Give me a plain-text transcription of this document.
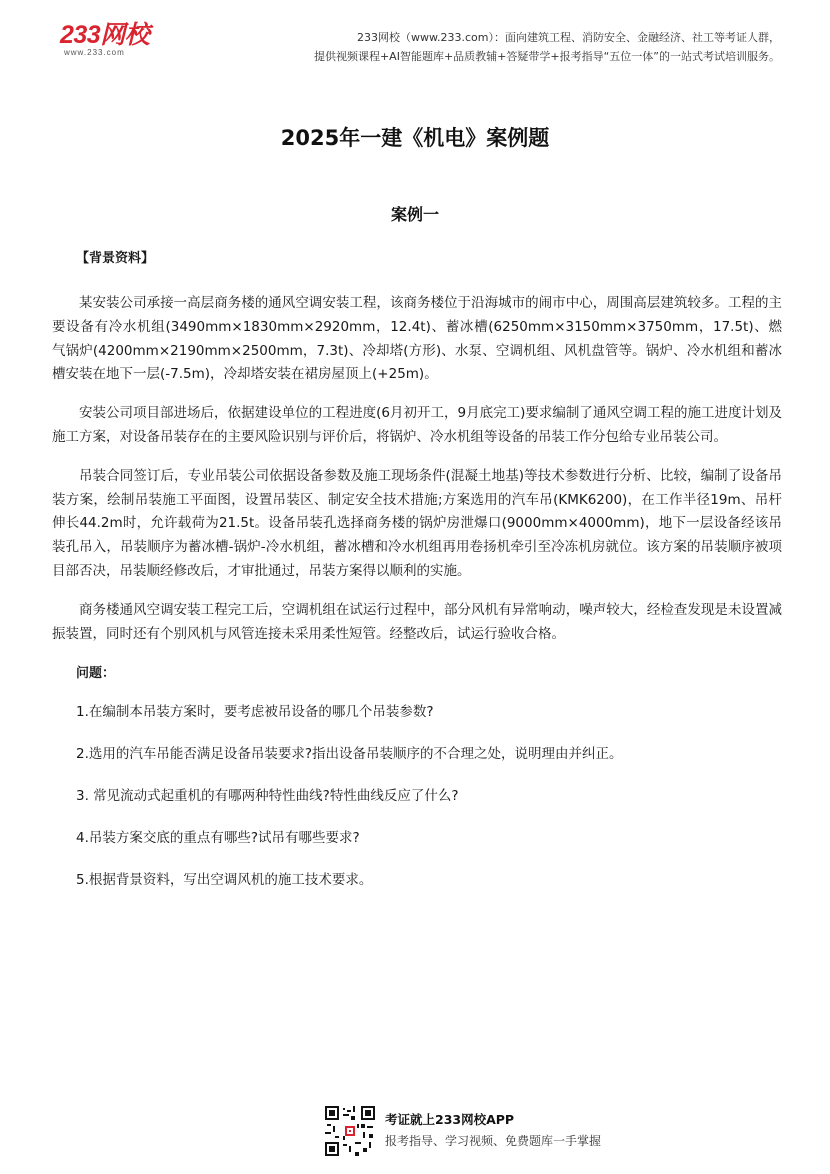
233网校
www.233.com
233网校（www.233.com）：面向建筑工程、消防安全、金融经济、社工等考证人群，
提供视频课程+AI智能题库+品质教辅+答疑带学+报考指导“五位一体”的一站式考试培训服务。
2025年一建《机电》案例题
案例一
【背景资料】

某安装公司承接一高层商务楼的通风空调安装工程，该商务楼位于沿海城市的闹市中心，周围高层建筑较多。工程的主要设备有冷水机组(3490mm×1830mm×2920mm，12.4t)、蓄冰槽(6250mm×3150mm×3750mm，17.5t)、燃气锅炉(4200mm×2190mm×2500mm，7.3t)、冷却塔(方形)、水泵、空调机组、风机盘管等。锅炉、冷水机组和蓄冰槽安装在地下一层(-7.5m)，冷却塔安装在裙房屋顶上(+25m)。

安装公司项目部进场后，依据建设单位的工程进度(6月初开工，9月底完工)要求编制了通风空调工程的施工进度计划及施工方案，对设备吊装存在的主要风险识别与评价后，将锅炉、冷水机组等设备的吊装工作分包给专业吊装公司。

吊装合同签订后，专业吊装公司依据设备参数及施工现场条件(混凝土地基)等技术参数进行分析、比较，编制了设备吊装方案，绘制吊装施工平面图，设置吊装区、制定安全技术措施;方案选用的汽车吊(KMK6200)，在工作半径19m、吊杆伸长44.2m时，允许载荷为21.5t。设备吊装孔选择商务楼的锅炉房泄爆口(9000mm×4000mm)，地下一层设备经该吊装孔吊入，吊装顺序为蓄冰槽-锅炉-冷水机组，蓄冰槽和冷水机组再用卷扬机牵引至冷冻机房就位。该方案的吊装顺序被项目部否决，吊装顺经修改后，才审批通过，吊装方案得以顺利的实施。

商务楼通风空调安装工程完工后，空调机组在试运行过程中，部分风机有异常响动，噪声较大，经检查发现是未设置减振装置，同时还有个别风机与风管连接未采用柔性短管。经整改后，试运行验收合格。

问题：
1.在编制本吊装方案时，要考虑被吊设备的哪几个吊装参数?
2.选用的汽车吊能否满足设备吊装要求?指出设备吊装顺序的不合理之处，说明理由并纠正。
3. 常见流动式起重机的有哪两种特性曲线?特性曲线反应了什么?
4.吊装方案交底的重点有哪些?试吊有哪些要求?
5.根据背景资料，写出空调风机的施工技术要求。
考证就上233网校APP
报考指导、学习视频、免费题库一手掌握
